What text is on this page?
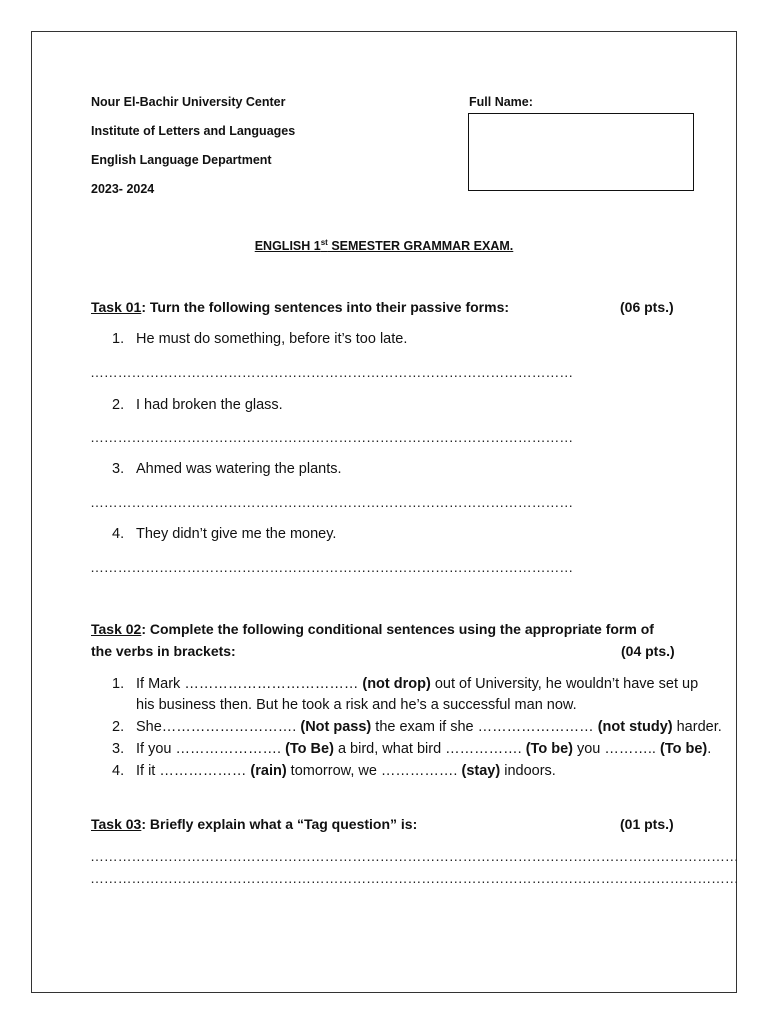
Nour El-Bachir University Center
Institute of Letters and Languages
English Language Department
2023- 2024
Full Name:
ENGLISH 1st SEMESTER GRAMMAR EXAM.
Task 01: Turn the following sentences into their passive forms:	(06 pts.)
1. He must do something, before it’s too late.
……………………………………………………………………………………………
2. I had broken the glass.
……………………………………………………………………………………………
3. Ahmed was watering the plants.
……………………………………………………………………………………………
4. They didn’t give me the money.
……………………………………………………………………………………………
Task 02: Complete the following conditional sentences using the appropriate form of
the verbs in brackets:	(04 pts.)
1. If Mark ……………………………… (not drop) out of University, he wouldn’t have set up
his business then. But he took a risk and he’s a successful man now.
2. She………………………. (Not pass) the exam if she …………………… (not study) harder.
3. If you …………………. (To Be) a bird, what bird ……………. (To be) you ……….. (To be).
4. If it ……………… (rain) tomorrow, we ……………. (stay) indoors.
Task 03: Briefly explain what a “Tag question” is:	(01 pts.)
……………………………………………………………………………………………………………………………
……………………………………………………………………………………………………………………………
